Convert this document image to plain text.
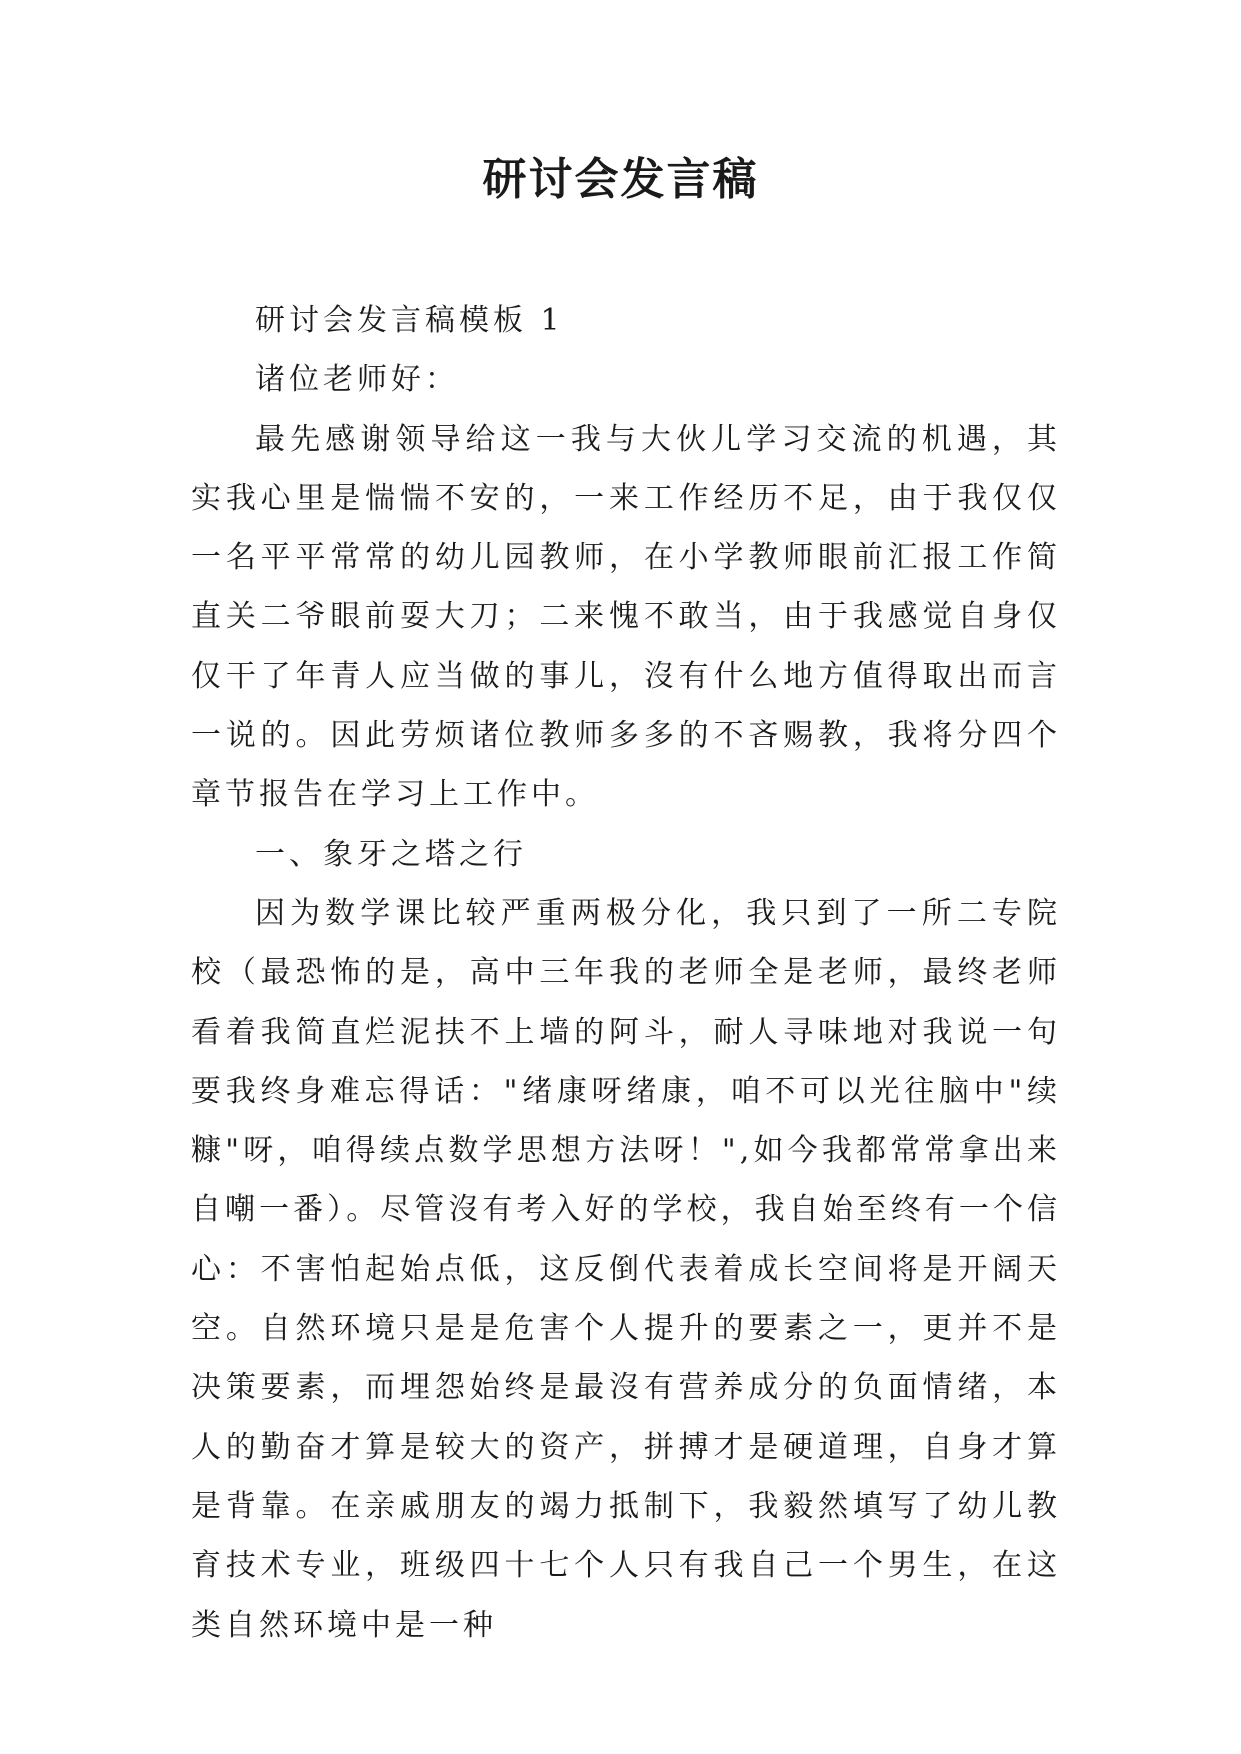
研讨会发言稿

研讨会发言稿模板 1

诸位老师好：

最先感谢领导给这一我与大伙儿学习交流的机遇，其实我心里是惴惴不安的，一来工作经历不足，由于我仅仅一名平平常常的幼儿园教师，在小学教师眼前汇报工作简直关二爷眼前耍大刀；二来愧不敢当，由于我感觉自身仅仅干了年青人应当做的事儿，沒有什么地方值得取出而言一说的。因此劳烦诸位教师多多的不吝赐教，我将分四个章节报告在学习上工作中。

一、象牙之塔之行

因为数学课比较严重两极分化，我只到了一所二专院校（最恐怖的是，高中三年我的老师全是老师，最终老师看着我简直烂泥扶不上墙的阿斗，耐人寻味地对我说一句要我终身难忘得话："绪康呀绪康，咱不可以光往脑中"续糠"呀，咱得续点数学思想方法呀！",如今我都常常拿出来自嘲一番）。尽管沒有考入好的学校，我自始至终有一个信心：不害怕起始点低，这反倒代表着成长空间将是开阔天空。自然环境只是是危害个人提升的要素之一，更并不是决策要素，而埋怨始终是最沒有营养成分的负面情绪，本人的勤奋才算是较大的资产，拼搏才是硬道理，自身才算是背靠。在亲戚朋友的竭力抵制下，我毅然填写了幼儿教育技术专业，班级四十七个人只有我自己一个男生，在这类自然环境中是一种
